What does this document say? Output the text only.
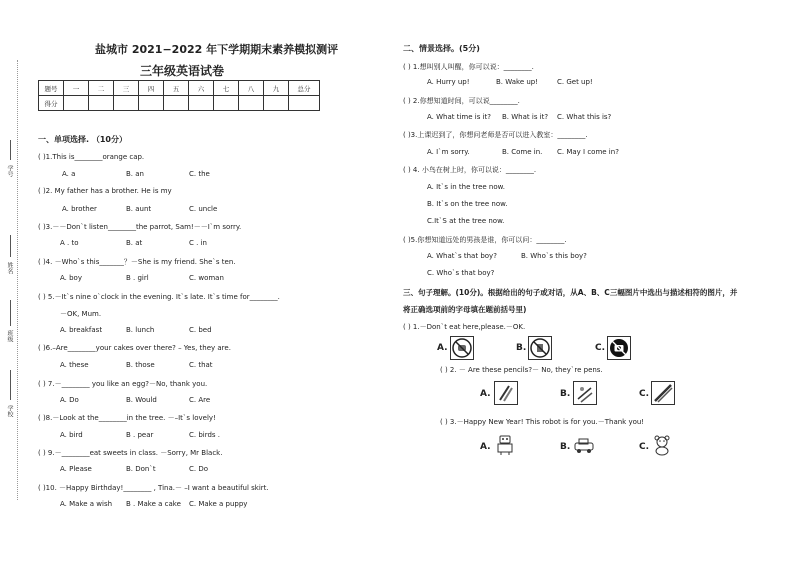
学号
姓名
班级
学校
盐城市 2021−2022 年下学期期末素养模拟测评
三年级英语试卷
题号	一	二	三	四	五	六	七	八	九	总分
得分										
一、单项选择. （10分）
( )1.This is________orange cap.
A. a	B. an	C. the
( )2. My father has a brother. He is my
A. brother	B. aunt	C. uncle
( )3.－－Don`t listen________the parrot, Sam!－－I`m sorry.
A . to	B. at	C . in
( )4. －Who`s this_______？－She is my friend. She`s ten.
A. boy	B . girl	C. woman
( ) 5.－It`s nine o`clock in the evening. It`s late. It`s time for________.
－OK, Mum.
A. breakfast	B. lunch	C. bed
( )6.–Are________your cakes over there? – Yes, they are.
A. these	B. those	C. that
( ) 7.－________ you like an egg?－No, thank you.
A. Do	B. Would	C. Are
( )8.－Look at the________in the tree. －–It`s lovely!
A. bird	B . pear	C. birds .
( ) 9.－________eat sweets in class. －Sorry, Mr Black.
A. Please	B. Don`t	C. Do
( )10. －Happy Birthday!________ , Tina.－ –I want a beautiful skirt.
A. Make a wish B . Make a cake C. Make a puppy
二、情景选择。(5分)
( ) 1.想叫别人叫醒，你可以说：________.
A. Hurry up!	B. Wake up!	C. Get up!
( ) 2.你想知道时间，可以说________.
A. What time is it? B. What is it? C. What this is?
( )3.上课迟到了，你想问老师是否可以进入教室：________.
A. I`m sorry.	B. Come in. C. May I come in?
( ) 4. 小鸟在树上时，你可以说：________.
A. It`s in the tree now.
B. It`s on the tree now.
C.It`S at the tree now.
( )5.你想知道远处的男孩是谁，你可以问：________.
A. What`s that boy?	B. Who`s this boy?
C. Who`s that boy?
三、句子理解。(10分)。根据给出的句子或对话，从A、B、C三幅图片中选出与描述相符的图片，并
将正确选项前的字母填在题前括号里)
( ) 1.－Don`t eat here,please.－OK.
A.	B.	C.
( ) 2. － Are these pencils?－ No, they`re pens.
A.	B.	C.
( ) 3.－Happy New Year! This robot is for you.－Thank you!
A.	B.	C.
